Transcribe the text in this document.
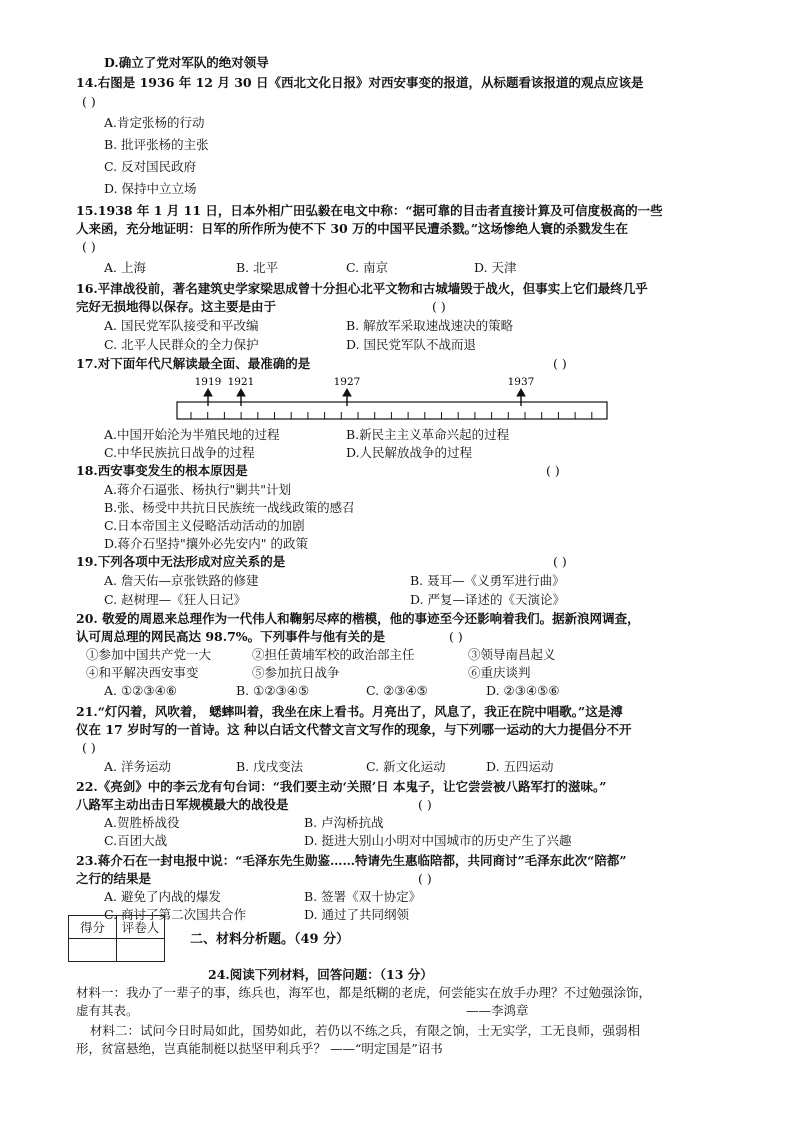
D.确立了党对军队的绝对领导
14.右图是 1936 年 12 月 30 日《西北文化日报》对西安事变的报道，从标题看该报道的观点应该是
( )
A.肯定张杨的行动
B. 批评张杨的主张
C. 反对国民政府
D. 保持中立立场
15.1938 年 1 月 11 日，日本外相广田弘毅在电文中称：“据可靠的目击者直接计算及可信度极高的一些
人来函，充分地证明：日军的所作所为使不下 30 万的中国平民遭杀戮。”这场惨绝人寰的杀戮发生在
( )
A. 上海	B. 北平	C. 南京	D. 天津
16.平津战役前，著名建筑史学家梁思成曾十分担心北平文物和古城墙毁于战火，但事实上它们最终几乎
完好无损地得以保存。这主要是由于	( )
A. 国民党军队接受和平改编	B. 解放军采取速战速决的策略
C. 北平人民群众的全力保护	D. 国民党军队不战而退
17.对下面年代尺解读最全面、最准确的是	( )
1919 1921	1927	1937
A.中国开始沦为半殖民地的过程	B.新民主主义革命兴起的过程
C.中华民族抗日战争的过程	D.人民解放战争的过程
18.西安事变发生的根本原因是	( )
A.蒋介石逼张、杨执行"剿共"计划
B.张、杨受中共抗日民族统一战线政策的感召
C.日本帝国主义侵略活动活动的加剧
D.蒋介石坚持"攘外必先安内" 的政策
19.下列各项中无法形成对应关系的是	( )
A. 詹天佑—京张铁路的修建	B. 聂耳—《义勇军进行曲》
C. 赵树理—《狂人日记》	D. 严复—译述的《天演论》
20. 敬爱的周恩来总理作为一代伟人和鞠躬尽瘁的楷模，他的事迹至今还影响着我们。据新浪网调查，
认可周总理的网民高达 98.7%。下列事件与他有关的是	( )
①参加中国共产党一大	②担任黄埔军校的政治部主任	③领导南昌起义
④和平解决西安事变	⑤参加抗日战争	⑥重庆谈判
A. ①②③④⑥	B. ①②③④⑤	C. ②③④⑤	D. ②③④⑤⑥
21.“灯闪着，风吹着， 蟋蟀叫着，我坐在床上看书。月亮出了，风息了，我正在院中唱歌。”这是溥
仪在 17 岁时写的一首诗。这 种以白话文代替文言文写作的现象，与下列哪一运动的大力提倡分不开
( )
A. 洋务运动	B. 戊戌变法	C. 新文化运动	D. 五四运动
22.《亮剑》中的李云龙有句台词：“我们要主动‘关照’日 本鬼子，让它尝尝被八路军打的滋味。”
八路军主动出击日军规模最大的战役是	( )
A.贺胜桥战役	B. 卢沟桥抗战
C.百团大战	D. 挺进大别山小明对中国城市的历史产生了兴趣
23.蒋介石在一封电报中说：“毛泽东先生勋鉴……特请先生惠临陪都，共同商讨”毛泽东此次“陪都”
之行的结果是	( )
A. 避免了内战的爆发	B. 签署《双十协定》
C. 商讨了第二次国共合作	D. 通过了共同纲领
得分	评卷人

二、材料分析题。（49 分）
24.阅读下列材料，回答问题：（13 分）
材料一：我办了一辈子的事，练兵也，海军也，都是纸糊的老虎，何尝能实在放手办理？不过勉强涂饰，
虚有其表。	——李鸿章
材料二：试问今日时局如此，国势如此，若仍以不练之兵，有限之饷，士无实学，工无良师，强弱相
形，贫富悬绝，岂真能制梃以挞坚甲利兵乎？ ——“明定国是”诏书
